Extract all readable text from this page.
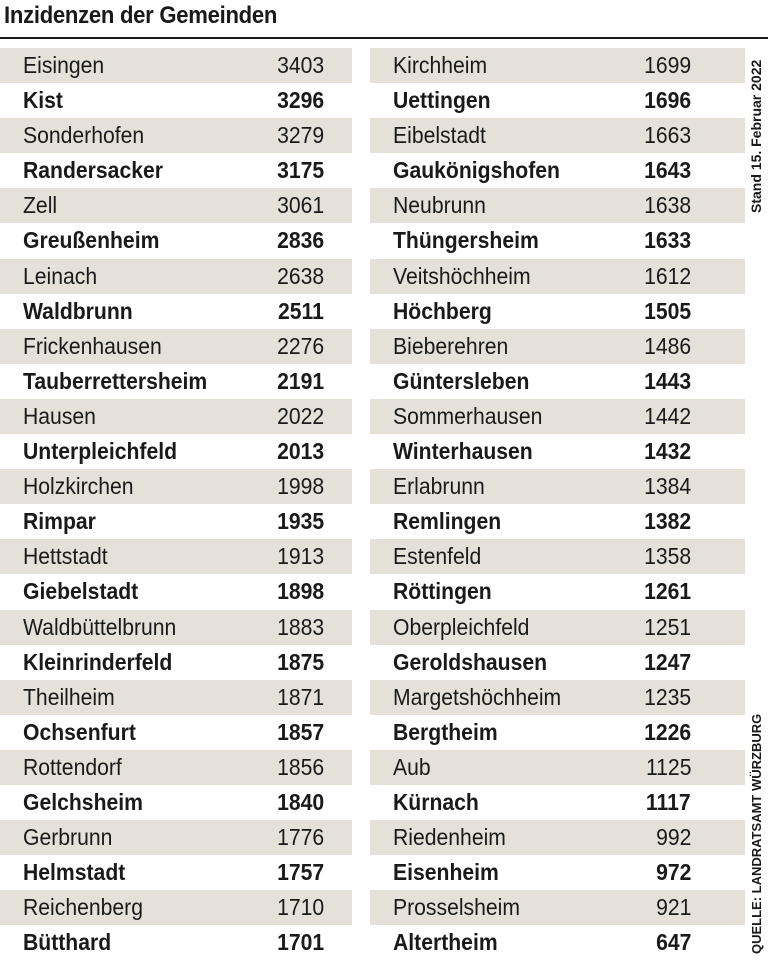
Inzidenzen der Gemeinden
Eisingen	3403
Kist	3296
Sonderhofen	3279
Randersacker	3175
Zell	3061
Greußenheim	2836
Leinach	2638
Waldbrunn	2511
Frickenhausen	2276
Tauberrettersheim	2191
Hausen	2022
Unterpleichfeld	2013
Holzkirchen	1998
Rimpar	1935
Hettstadt	1913
Giebelstadt	1898
Waldbüttelbrunn	1883
Kleinrinderfeld	1875
Theilheim	1871
Ochsenfurt	1857
Rottendorf	1856
Gelchsheim	1840
Gerbrunn	1776
Helmstadt	1757
Reichenberg	1710
Bütthard	1701
Kirchheim	1699
Uettingen	1696
Eibelstadt	1663
Gaukönigshofen	1643
Neubrunn	1638
Thüngersheim	1633
Veitshöchheim	1612
Höchberg	1505
Bieberehren	1486
Güntersleben	1443
Sommerhausen	1442
Winterhausen	1432
Erlabrunn	1384
Remlingen	1382
Estenfeld	1358
Röttingen	1261
Oberpleichfeld	1251
Geroldshausen	1247
Margetshöchheim	1235
Bergtheim	1226
Aub	1125
Kürnach	1117
Riedenheim	992
Eisenheim	972
Prosselsheim	921
Altertheim	647
Stand 15. Februar 2022
QUELLE: LANDRATSAMT WÜRZBURG
